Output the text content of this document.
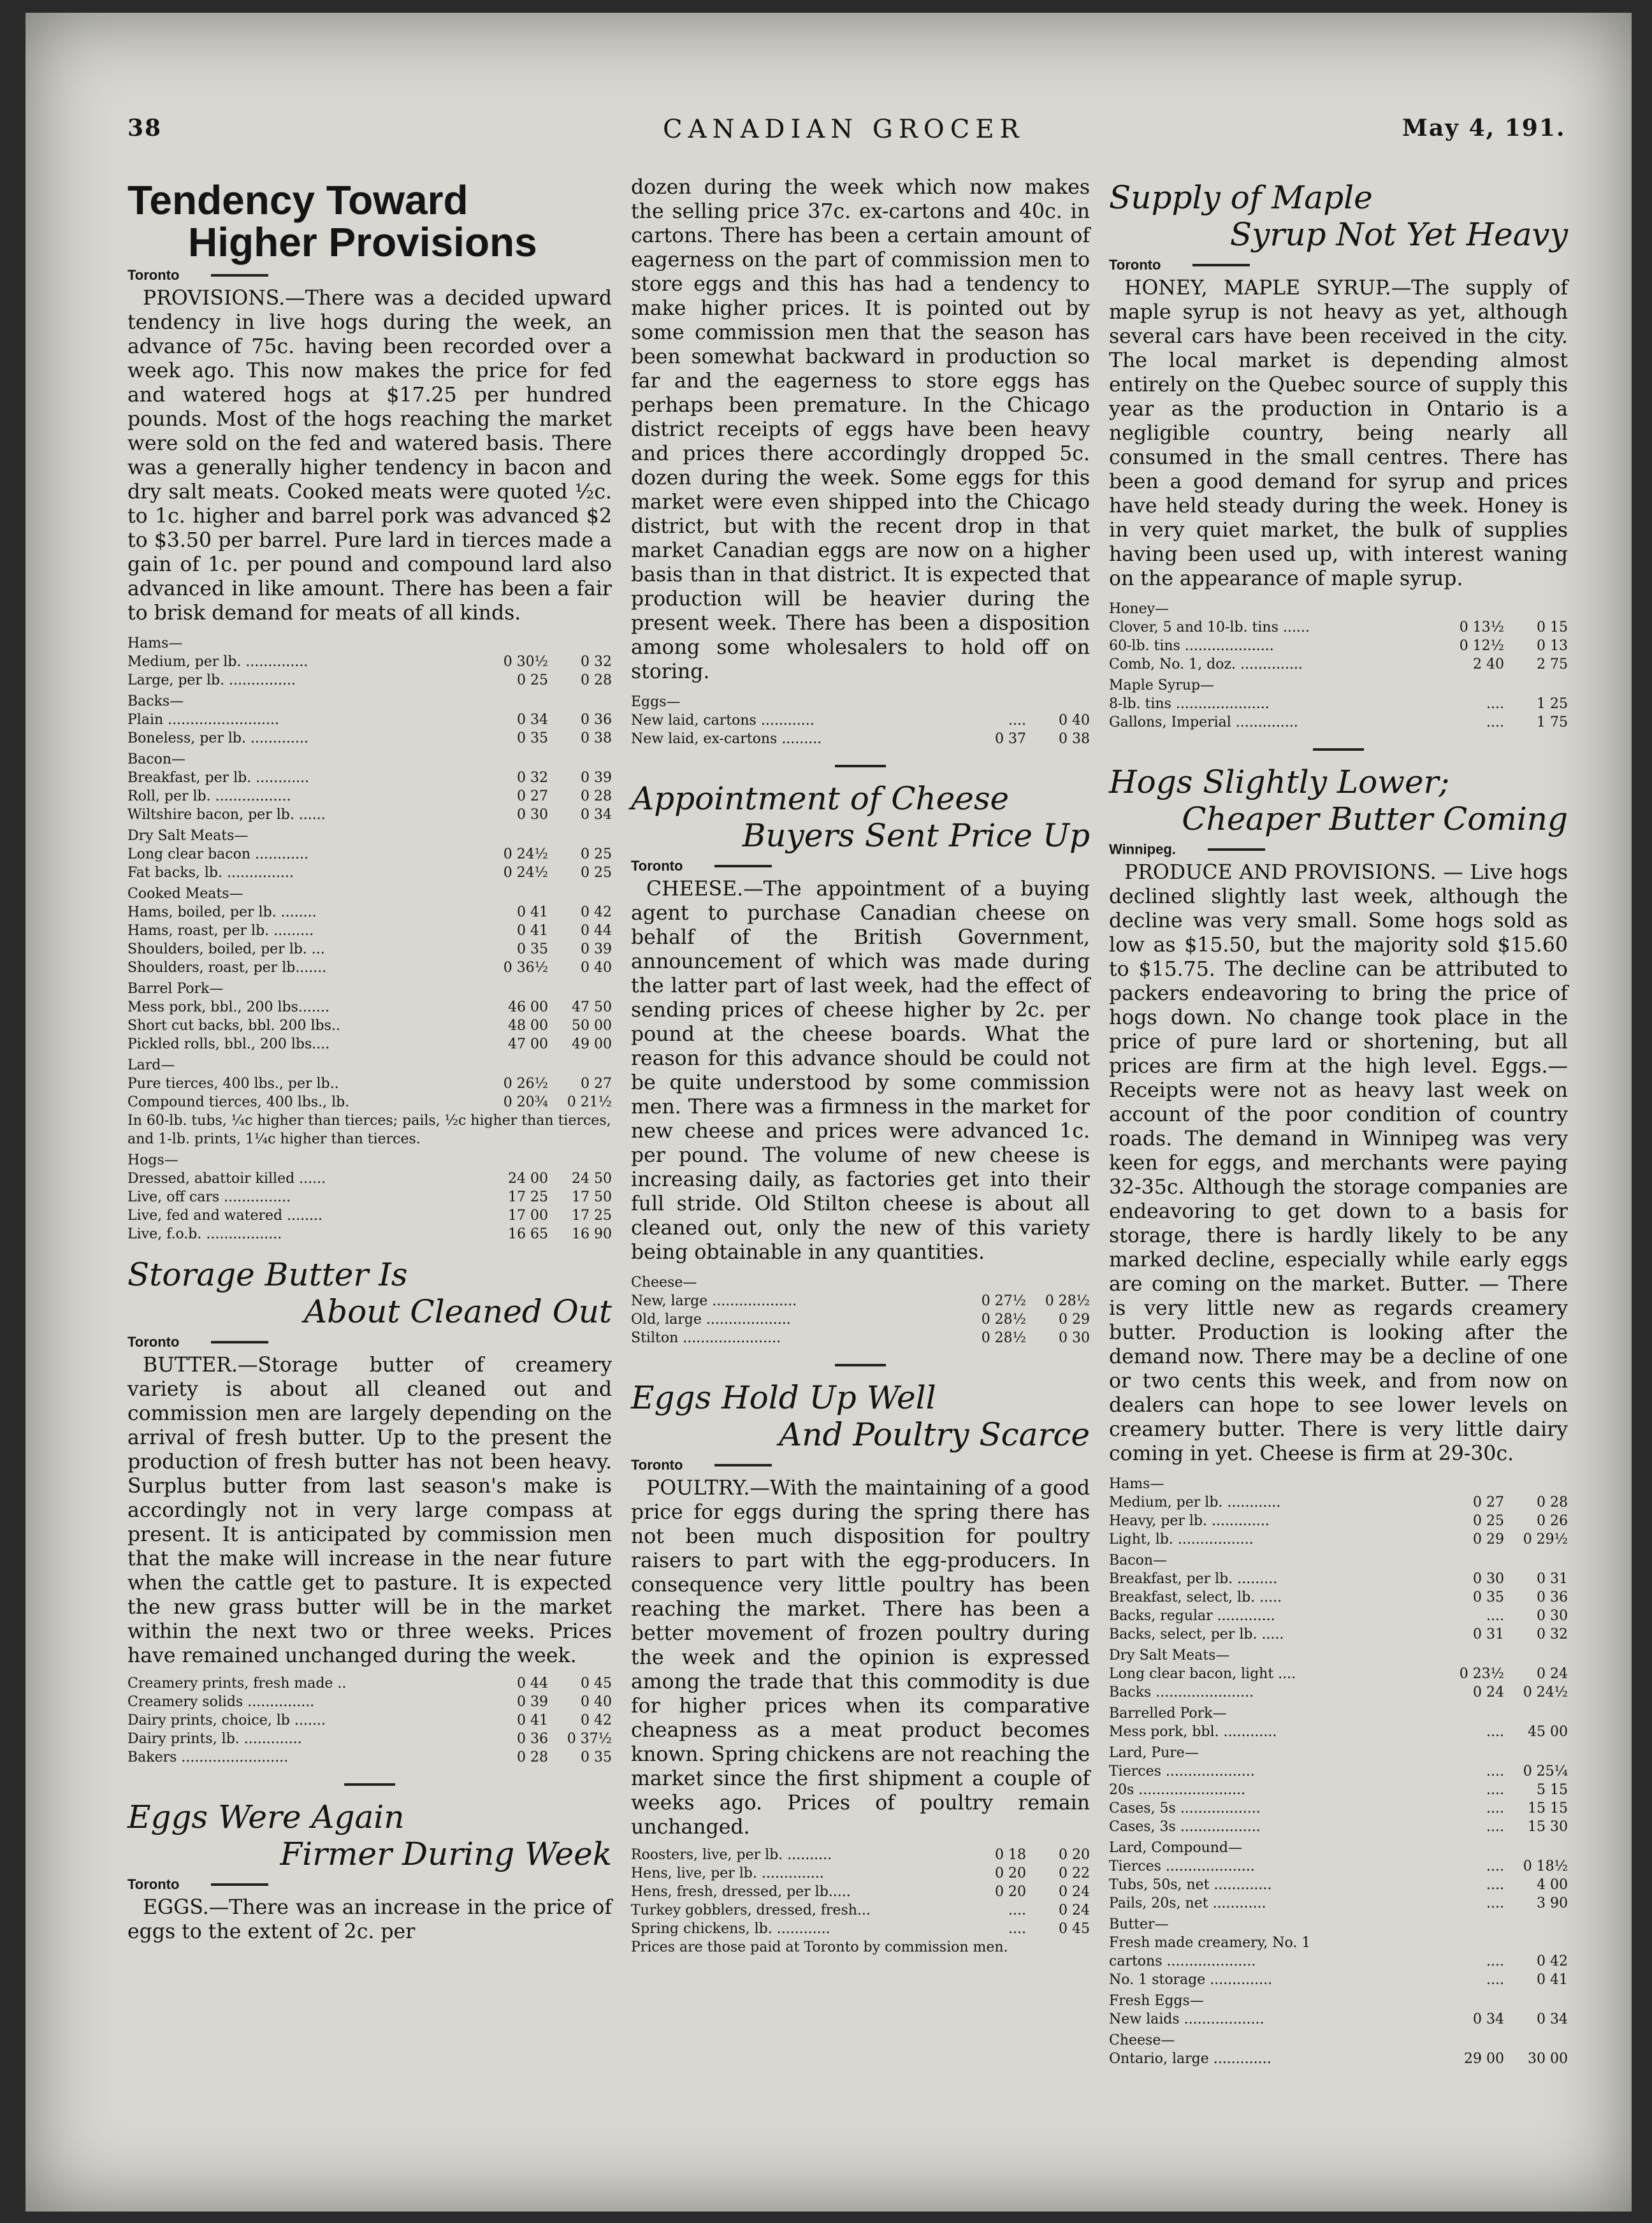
38	CANADIAN GROCER	May 4, 191.
Tendency Toward
Higher Provisions
Toronto

PROVISIONS.—There was a decided upward tendency in live hogs during the week, an advance of 75c. having been recorded over a week ago. This now makes the price for fed and watered hogs at $17.25 per hundred pounds. Most of the hogs reaching the market were sold on the fed and watered basis. There was a generally higher tendency in bacon and dry salt meats. Cooked meats were quoted ½c. to 1c. higher and barrel pork was advanced $2 to $3.50 per barrel. Pure lard in tierces made a gain of 1c. per pound and compound lard also advanced in like amount. There has been a fair to brisk demand for meats of all kinds.

Hams—		
Medium, per lb. ..............	0 30½	0 32
Large, per lb. ...............	0 25	0 28
Backs—		
Plain .........................	0 34	0 36
Boneless, per lb. .............	0 35	0 38
Bacon—		
Breakfast, per lb. ............	0 32	0 39
Roll, per lb. .................	0 27	0 28
Wiltshire bacon, per lb. ......	0 30	0 34
Dry Salt Meats—		
Long clear bacon ............	0 24½	0 25
Fat backs, lb. ...............	0 24½	0 25
Cooked Meats—		
Hams, boiled, per lb. ........	0 41	0 42
Hams, roast, per lb. .........	0 41	0 44
Shoulders, boiled, per lb. ...	0 35	0 39
Shoulders, roast, per lb.......	0 36½	0 40
Barrel Pork—		
Mess pork, bbl., 200 lbs.......	46 00	47 50
Short cut backs, bbl. 200 lbs..	48 00	50 00
Pickled rolls, bbl., 200 lbs....	47 00	49 00
Lard—		
Pure tierces, 400 lbs., per lb..	0 26½	0 27
Compound tierces, 400 lbs., lb.	0 20¾	0 21½
In 60-lb. tubs, ¼c higher than tierces; pails, ½c higher than tierces, and 1-lb. prints, 1¼c higher than tierces.		
Hogs—		
Dressed, abattoir killed ......	24 00	24 50
Live, off cars ...............	17 25	17 50
Live, fed and watered ........	17 00	17 25
Live, f.o.b. .................	16 65	16 90
Storage Butter Is
About Cleaned Out
Toronto

BUTTER.—Storage butter of creamery variety is about all cleaned out and commission men are largely depending on the arrival of fresh butter. Up to the present the production of fresh butter has not been heavy. Surplus butter from last season's make is accordingly not in very large compass at present. It is anticipated by commission men that the make will increase in the near future when the cattle get to pasture. It is expected the new grass butter will be in the market within the next two or three weeks. Prices have remained unchanged during the week.

Creamery prints, fresh made ..	0 44	0 45
Creamery solids ...............	0 39	0 40
Dairy prints, choice, lb .......	0 41	0 42
Dairy prints, lb. .............	0 36	0 37½
Bakers ........................	0 28	0 35
Eggs Were Again
Firmer During Week
Toronto

EGGS.—There was an increase in the price of eggs to the extent of 2c. per

dozen during the week which now makes the selling price 37c. ex-cartons and 40c. in cartons. There has been a certain amount of eagerness on the part of commission men to store eggs and this has had a tendency to make higher prices. It is pointed out by some commission men that the season has been somewhat backward in production so far and the eagerness to store eggs has perhaps been premature. In the Chicago district receipts of eggs have been heavy and prices there accordingly dropped 5c. dozen during the week. Some eggs for this market were even shipped into the Chicago district, but with the recent drop in that market Canadian eggs are now on a higher basis than in that district. It is expected that production will be heavier during the present week. There has been a disposition among some wholesalers to hold off on storing.

Eggs—		
New laid, cartons ............	....	0 40
New laid, ex-cartons .........	0 37	0 38
Appointment of Cheese
Buyers Sent Price Up
Toronto

CHEESE.—The appointment of a buying agent to purchase Canadian cheese on behalf of the British Government, announcement of which was made during the latter part of last week, had the effect of sending prices of cheese higher by 2c. per pound at the cheese boards. What the reason for this advance should be could not be quite understood by some commission men. There was a firmness in the market for new cheese and prices were advanced 1c. per pound. The volume of new cheese is increasing daily, as factories get into their full stride. Old Stilton cheese is about all cleaned out, only the new of this variety being obtainable in any quantities.

Cheese—		
New, large ...................	0 27½	0 28½
Old, large ...................	0 28½	0 29
Stilton ......................	0 28½	0 30
Eggs Hold Up Well
And Poultry Scarce
Toronto

POULTRY.—With the maintaining of a good price for eggs during the spring there has not been much disposition for poultry raisers to part with the egg-producers. In consequence very little poultry has been reaching the market. There has been a better movement of frozen poultry during the week and the opinion is expressed among the trade that this commodity is due for higher prices when its comparative cheapness as a meat product becomes known. Spring chickens are not reaching the market since the first shipment a couple of weeks ago. Prices of poultry remain unchanged.

Roosters, live, per lb. ..........	0 18	0 20
Hens, live, per lb. ..............	0 20	0 22
Hens, fresh, dressed, per lb.....	0 20	0 24
Turkey gobblers, dressed, fresh...	....	0 24
Spring chickens, lb. ............	....	0 45
Prices are those paid at Toronto by commission men.		
Supply of Maple
Syrup Not Yet Heavy
Toronto

HONEY, MAPLE SYRUP.—The supply of maple syrup is not heavy as yet, although several cars have been received in the city. The local market is depending almost entirely on the Quebec source of supply this year as the production in Ontario is a negligible country, being nearly all consumed in the small centres. There has been a good demand for syrup and prices have held steady during the week. Honey is in very quiet market, the bulk of supplies having been used up, with interest waning on the appearance of maple syrup.

Honey—		
Clover, 5 and 10-lb. tins ......	0 13½	0 15
60-lb. tins ....................	0 12½	0 13
Comb, No. 1, doz. ..............	2 40	2 75
Maple Syrup—		
8-lb. tins .....................	....	1 25
Gallons, Imperial ..............	....	1 75
Hogs Slightly Lower;
Cheaper Butter Coming
Winnipeg.

PRODUCE AND PROVISIONS. — Live hogs declined slightly last week, although the decline was very small. Some hogs sold as low as $15.50, but the majority sold $15.60 to $15.75. The decline can be attributed to packers endeavoring to bring the price of hogs down. No change took place in the price of pure lard or shortening, but all prices are firm at the high level. Eggs.—Receipts were not as heavy last week on account of the poor condition of country roads. The demand in Winnipeg was very keen for eggs, and merchants were paying 32-35c. Although the storage companies are endeavoring to get down to a basis for storage, there is hardly likely to be any marked decline, especially while early eggs are coming on the market. Butter. — There is very little new as regards creamery butter. Production is looking after the demand now. There may be a decline of one or two cents this week, and from now on dealers can hope to see lower levels on creamery butter. There is very little dairy coming in yet. Cheese is firm at 29-30c.

Hams—		
Medium, per lb. ............	0 27	0 28
Heavy, per lb. .............	0 25	0 26
Light, lb. .................	0 29	0 29½
Bacon—		
Breakfast, per lb. .........	0 30	0 31
Breakfast, select, lb. .....	0 35	0 36
Backs, regular .............	....	0 30
Backs, select, per lb. .....	0 31	0 32
Dry Salt Meats—		
Long clear bacon, light ....	0 23½	0 24
Backs ......................	0 24	0 24½
Barrelled Pork—		
Mess pork, bbl. ............	....	45 00
Lard, Pure—		
Tierces ....................	....	0 25¼
20s ........................	....	5 15
Cases, 5s ..................	....	15 15
Cases, 3s ..................	....	15 30
Lard, Compound—		
Tierces ....................	....	0 18½
Tubs, 50s, net .............	....	4 00
Pails, 20s, net ............	....	3 90
Butter—		
Fresh made creamery, No. 1		
cartons ....................	....	0 42
No. 1 storage ..............	....	0 41
Fresh Eggs—		
New laids ..................	0 34	0 34
Cheese—		
Ontario, large .............	29 00	30 00
